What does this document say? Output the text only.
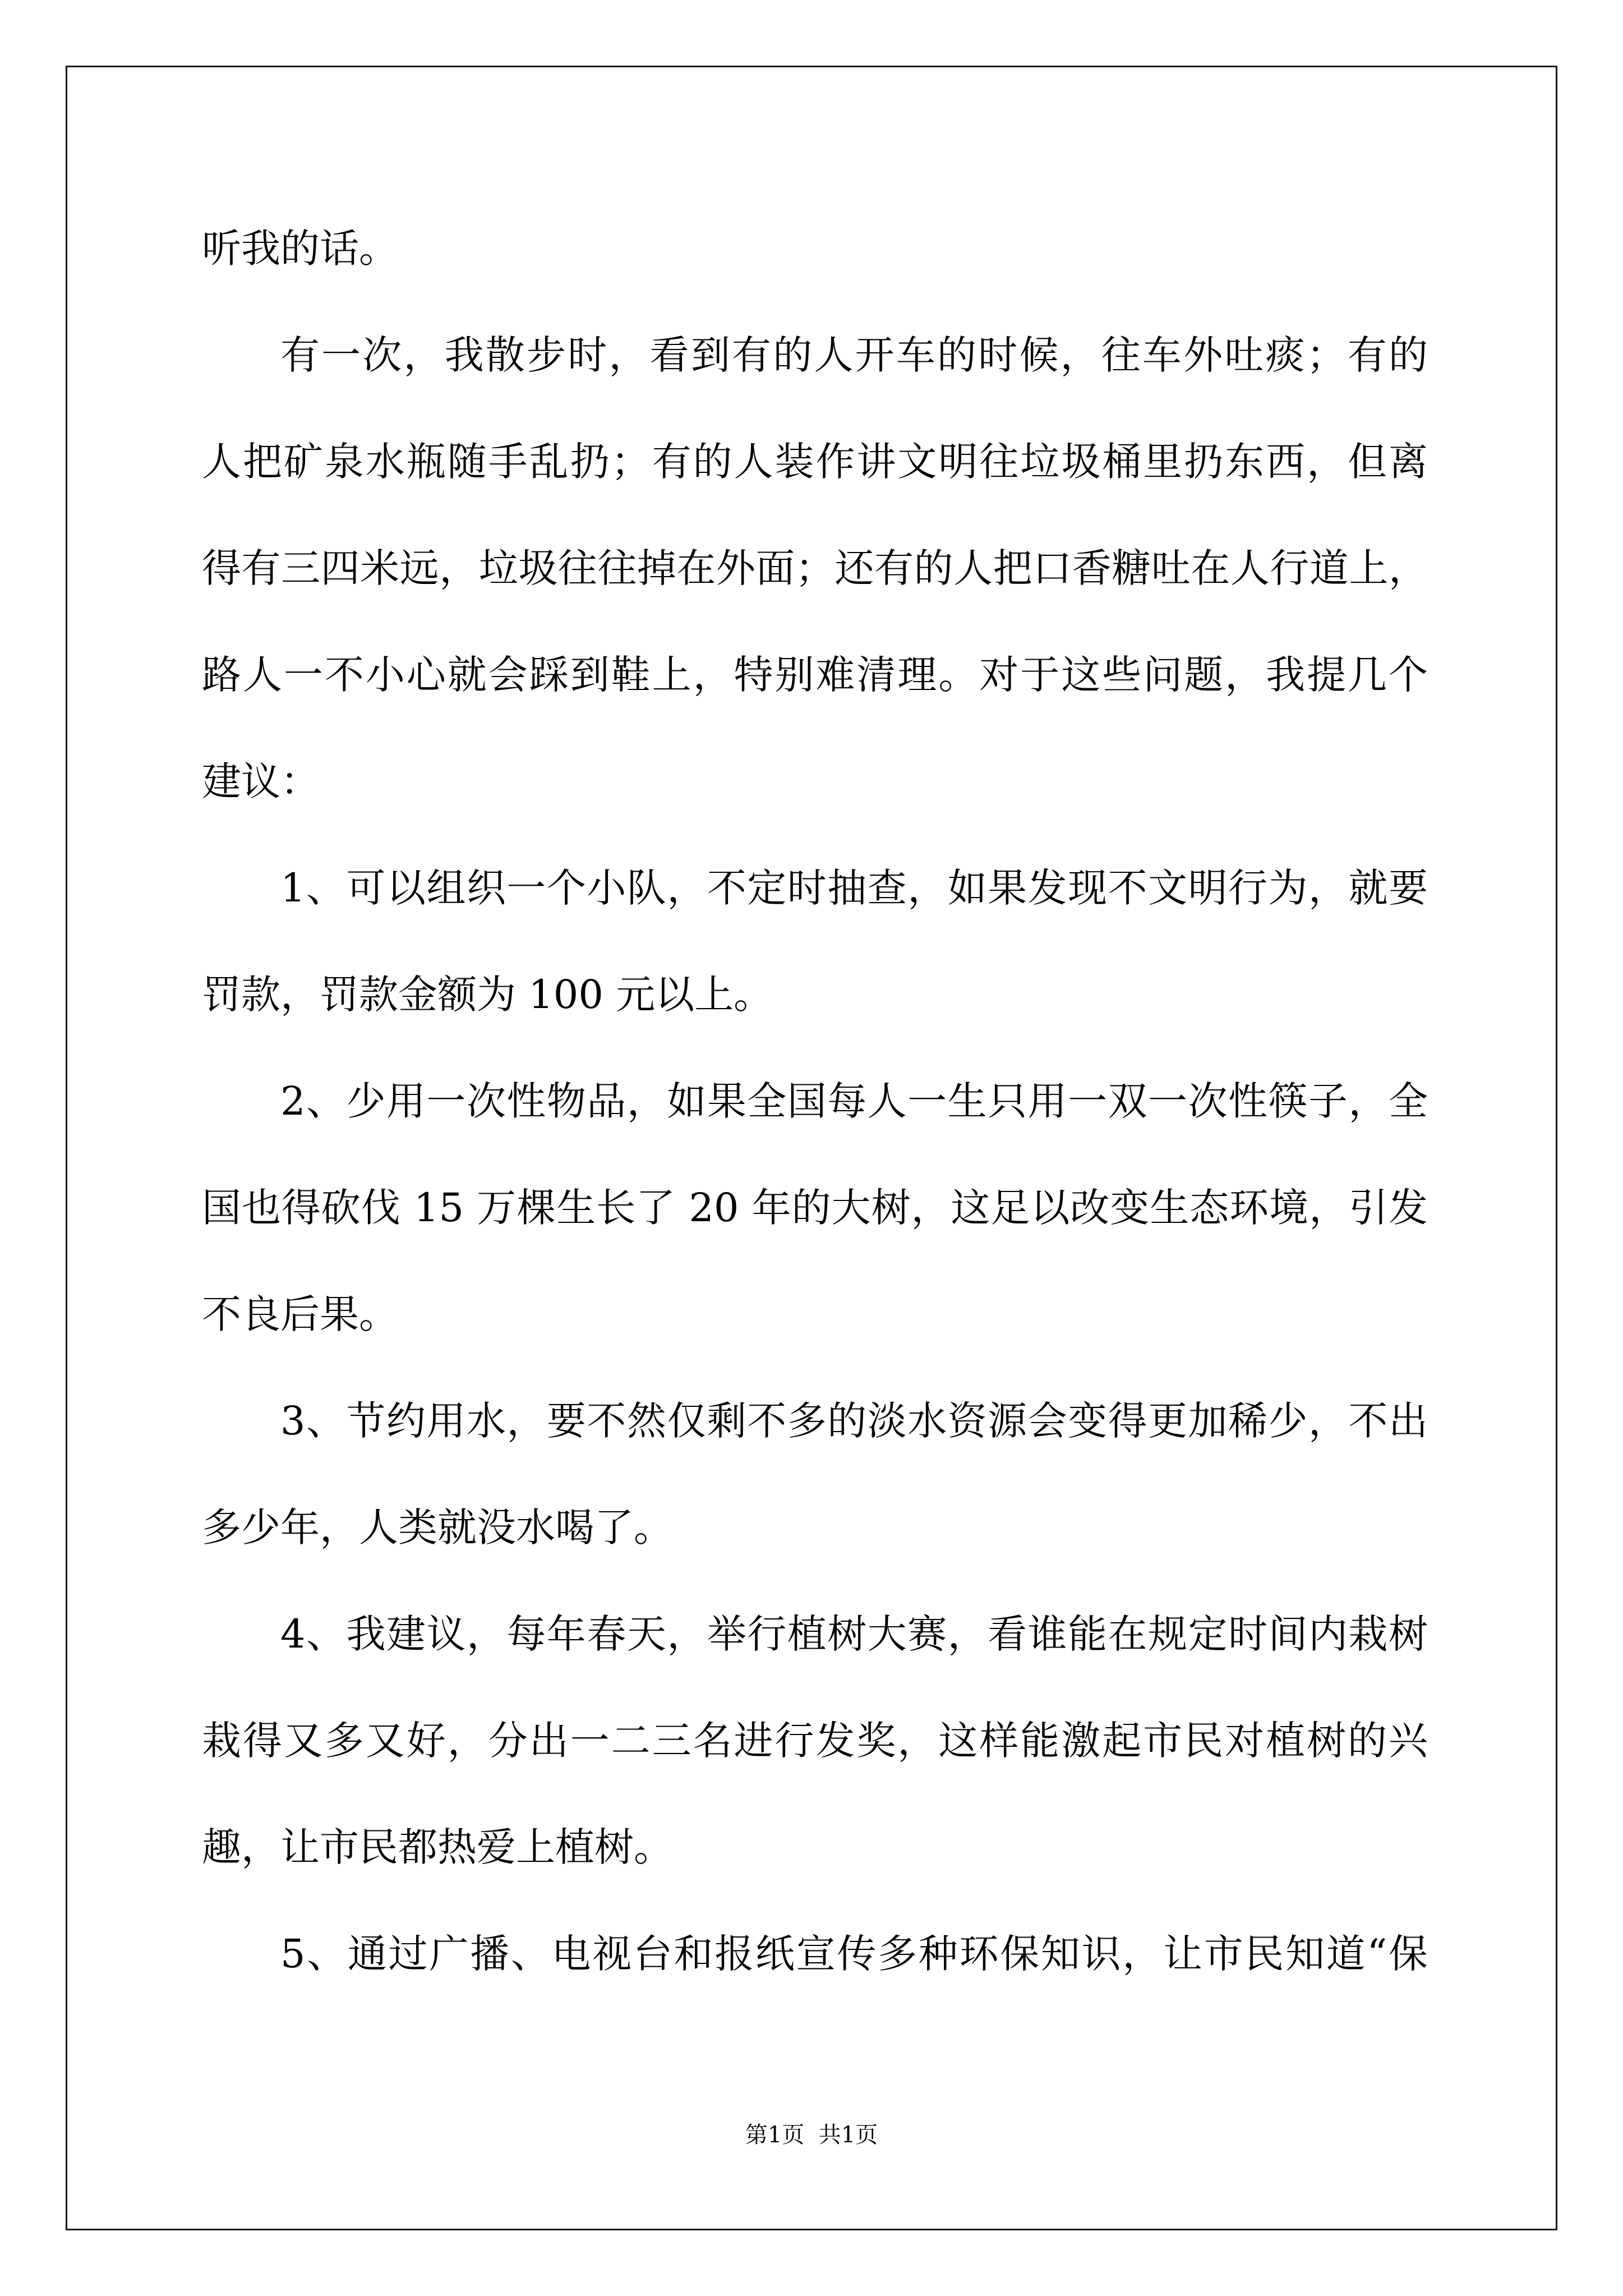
听我的话。
有一次，我散步时，看到有的人开车的时候，往车外吐痰；有的
人把矿泉水瓶随手乱扔；有的人装作讲文明往垃圾桶里扔东西，但离
得有三四米远，垃圾往往掉在外面；还有的人把口香糖吐在人行道上，
路人一不小心就会踩到鞋上，特别难清理。对于这些问题，我提几个
建议：
1、可以组织一个小队，不定时抽查，如果发现不文明行为，就要
罚款，罚款金额为 100 元以上。
2、少用一次性物品，如果全国每人一生只用一双一次性筷子，全
国也得砍伐 15 万棵生长了 20 年的大树，这足以改变生态环境，引发
不良后果。
3、节约用水，要不然仅剩不多的淡水资源会变得更加稀少，不出
多少年，人类就没水喝了。
4、我建议，每年春天，举行植树大赛，看谁能在规定时间内栽树
栽得又多又好，分出一二三名进行发奖，这样能激起市民对植树的兴
趣，让市民都热爱上植树。
5、通过广播、电视台和报纸宣传多种环保知识，让市民知道“保
第1页  共1页
